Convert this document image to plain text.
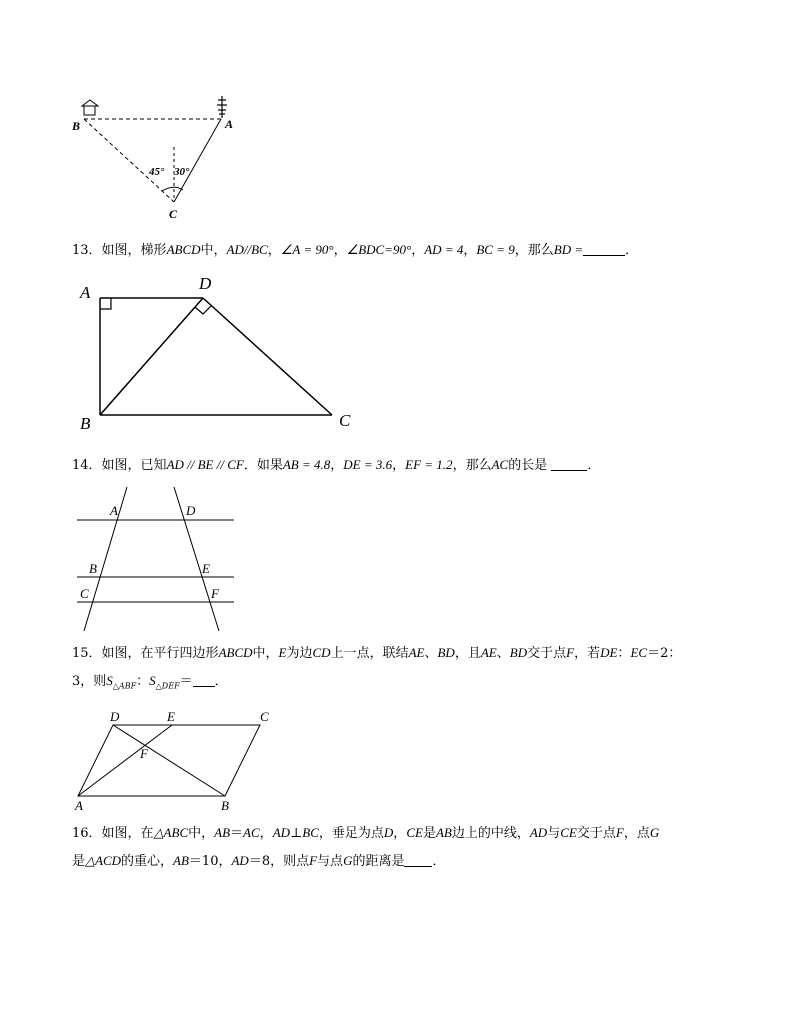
B	A
C
45° 30°
13．如图，梯形ABCD中，AD//BC，∠A = 90°，∠BDC=90°，AD = 4，BC = 9，那么BD =	．
A	D
B	C
14．如图，已知AD // BE // CF．如果AB = 4.8，DE = 3.6，EF = 1.2，那么AC的长是	．
A	D
B	E
C	F
15．如图，在平行四边形ABCD中，E为边CD上一点，联结AE、BD，且AE、BD交于点F，若DE：EC＝2：
3，则$S_{\triangle ABF}$：$S_{\triangle DEF}=$ ．
D	E	C
F
A	B
16．如图，在△ABC中，AB＝AC，AD⊥BC，垂足为点D，CE是AB边上的中线，AD与CE交于点F，点G
是△ACD的重心，AB＝10，AD＝8，则点F与点G的距离是 ．
